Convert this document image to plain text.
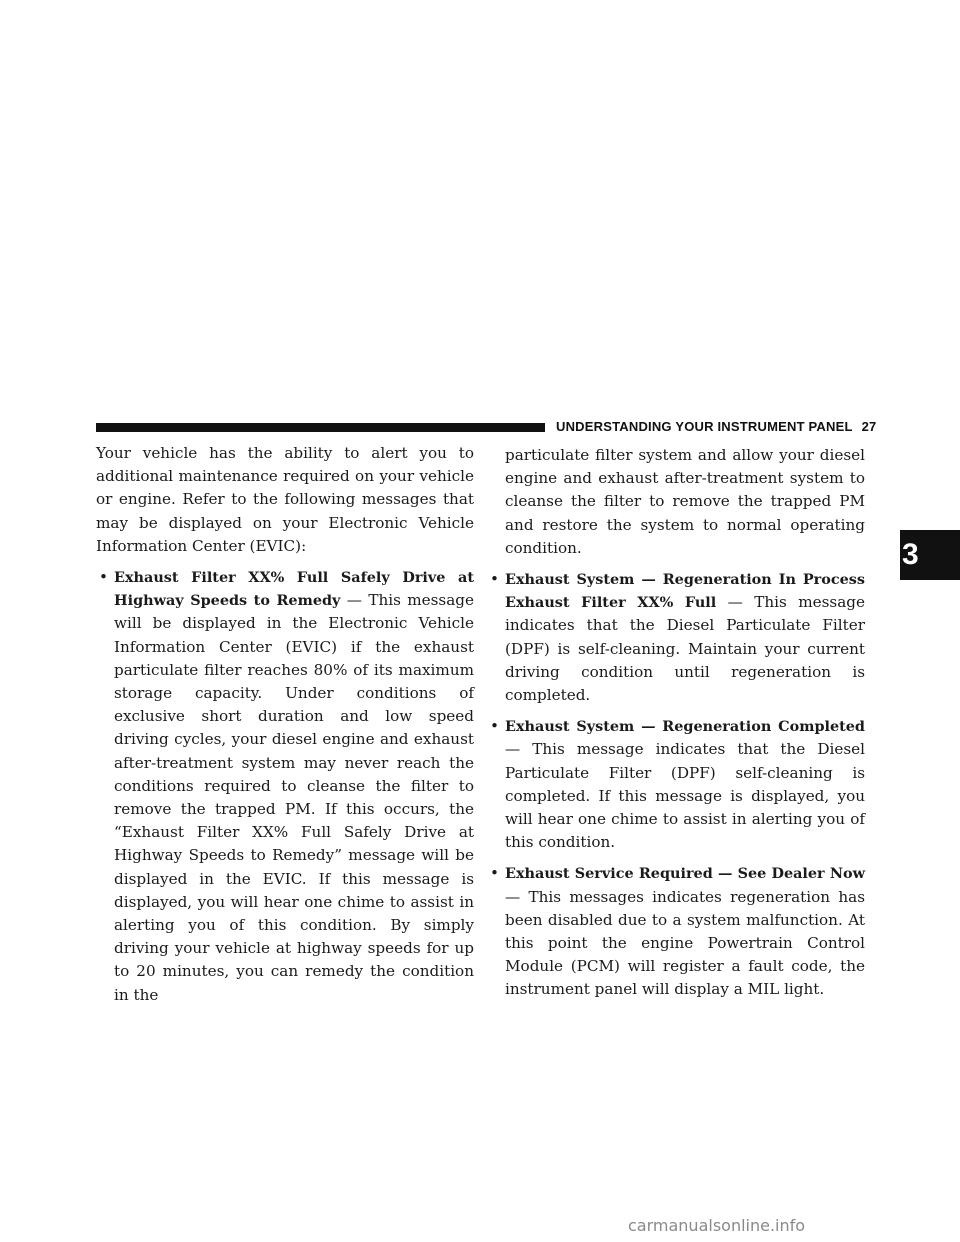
UNDERSTANDING YOUR INSTRUMENT PANEL 27

Your vehicle has the ability to alert you to additional maintenance required on your vehicle or engine. Refer to the following messages that may be displayed on your Electronic Vehicle Information Center (EVIC):

• Exhaust Filter XX% Full Safely Drive at Highway Speeds to Remedy — This message will be displayed in the Electronic Vehicle Information Center (EVIC) if the exhaust particulate filter reaches 80% of its maximum storage capacity. Under conditions of exclusive short duration and low speed driving cycles, your diesel engine and exhaust after-treatment system may never reach the conditions required to cleanse the filter to remove the trapped PM. If this occurs, the “Exhaust Filter XX% Full Safely Drive at Highway Speeds to Remedy” message will be displayed in the EVIC. If this message is displayed, you will hear one chime to assist in alerting you of this condition. By simply driving your vehicle at highway speeds for up to 20 minutes, you can remedy the condition in the

particulate filter system and allow your diesel engine and exhaust after-treatment system to cleanse the filter to remove the trapped PM and restore the system to normal operating condition.

• Exhaust System — Regeneration In Process Exhaust Filter XX% Full — This message indicates that the Diesel Particulate Filter (DPF) is self-cleaning. Maintain your current driving condition until regeneration is completed.
• Exhaust System — Regeneration Completed — This message indicates that the Diesel Particulate Filter (DPF) self-cleaning is completed. If this message is displayed, you will hear one chime to assist in alerting you of this condition.
• Exhaust Service Required — See Dealer Now — This messages indicates regeneration has been disabled due to a system malfunction. At this point the engine Powertrain Control Module (PCM) will register a fault code, the instrument panel will display a MIL light.
3
carmanualsonline.info
